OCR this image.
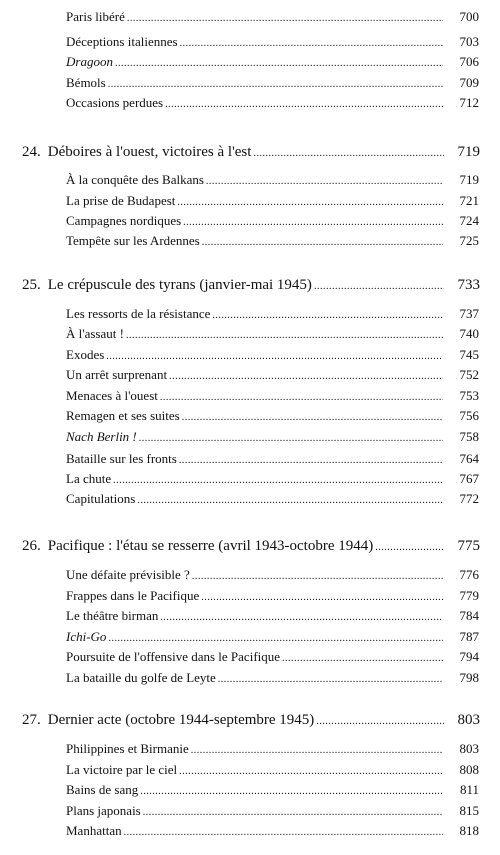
Paris libéré .....	700
Déceptions italiennes .....	703
Dragoon .....	706
Bémols .....	709
Occasions perdues .....	712
24. Déboires à l'ouest, victoires à l'est .....	719
À la conquête des Balkans .....	719
La prise de Budapest .....	721
Campagnes nordiques .....	724
Tempête sur les Ardennes .....	725
25. Le crépuscule des tyrans (janvier-mai 1945) .....	733
Les ressorts de la résistance .....	737
À l'assaut ! .....	740
Exodes .....	745
Un arrêt surprenant .....	752
Menaces à l'ouest .....	753
Remagen et ses suites .....	756
Nach Berlin ! .....	758
Bataille sur les fronts .....	764
La chute .....	767
Capitulations .....	772
26. Pacifique : l'étau se resserre (avril 1943-octobre 1944) .....	775
Une défaite prévisible ? .....	776
Frappes dans le Pacifique .....	779
Le théâtre birman .....	784
Ichi-Go .....	787
Poursuite de l'offensive dans le Pacifique .....	794
La bataille du golfe de Leyte .....	798
27. Dernier acte (octobre 1944-septembre 1945) .....	803
Philippines et Birmanie .....	803
La victoire par le ciel .....	808
Bains de sang .....	811
Plans japonais .....	815
Manhattan .....	818
